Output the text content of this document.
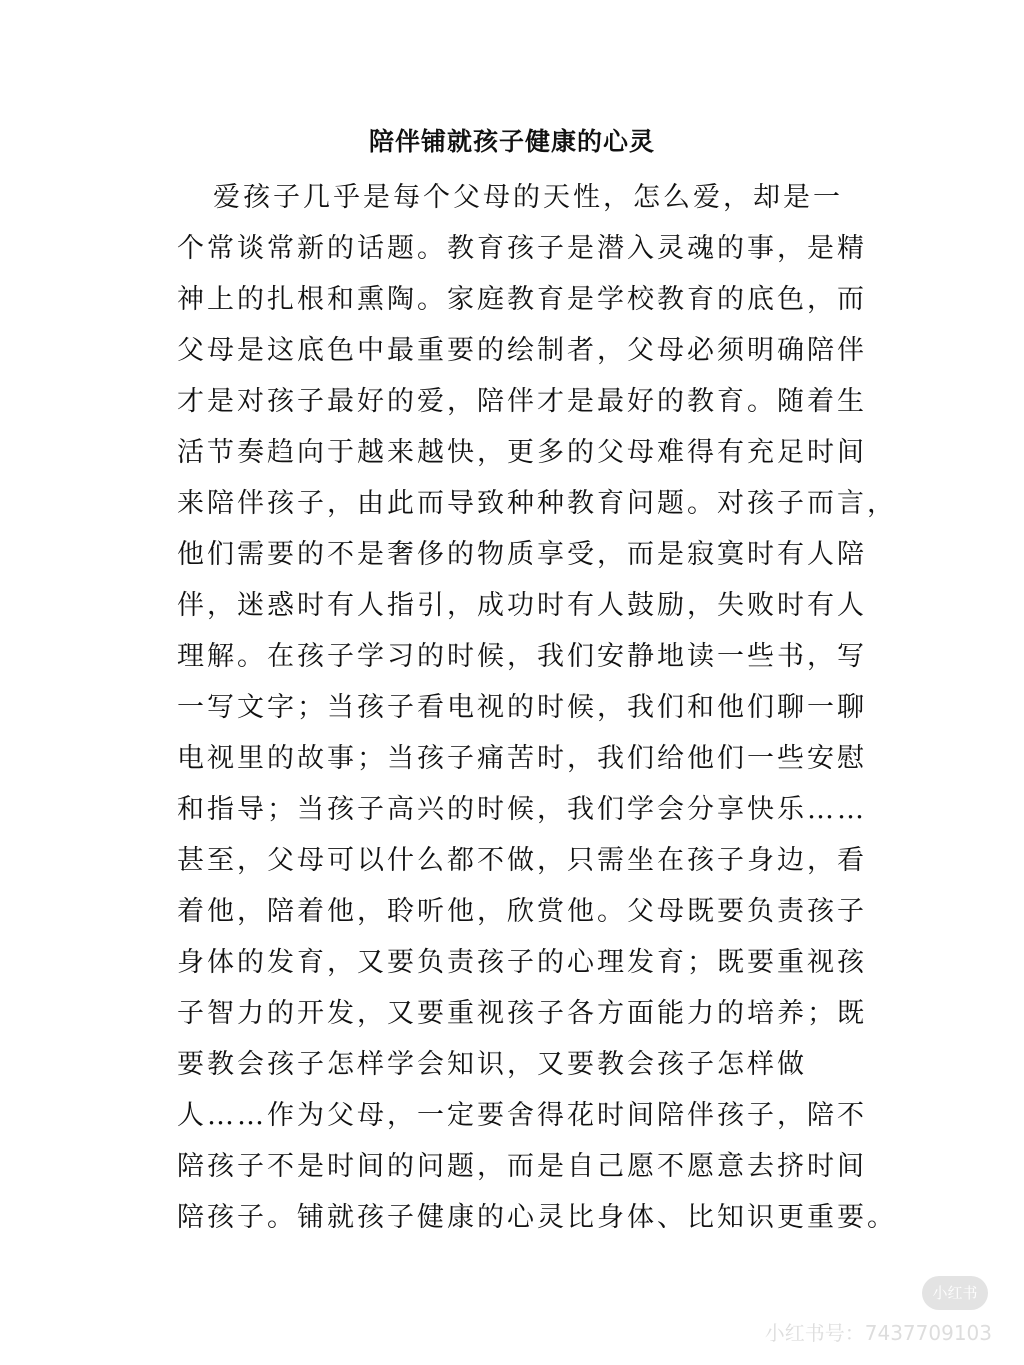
陪伴铺就孩子健康的心灵
爱孩子几乎是每个父母的天性，怎么爱，却是一
个常谈常新的话题。教育孩子是潜入灵魂的事，是精
神上的扎根和熏陶。家庭教育是学校教育的底色，而
父母是这底色中最重要的绘制者，父母必须明确陪伴
才是对孩子最好的爱，陪伴才是最好的教育。随着生
活节奏趋向于越来越快，更多的父母难得有充足时间
来陪伴孩子，由此而导致种种教育问题。对孩子而言，
他们需要的不是奢侈的物质享受，而是寂寞时有人陪
伴，迷惑时有人指引，成功时有人鼓励，失败时有人
理解。在孩子学习的时候，我们安静地读一些书，写
一写文字；当孩子看电视的时候，我们和他们聊一聊
电视里的故事；当孩子痛苦时，我们给他们一些安慰
和指导；当孩子高兴的时候，我们学会分享快乐……
甚至，父母可以什么都不做，只需坐在孩子身边，看
着他，陪着他，聆听他，欣赏他。父母既要负责孩子
身体的发育，又要负责孩子的心理发育；既要重视孩
子智力的开发，又要重视孩子各方面能力的培养；既
要教会孩子怎样学会知识，又要教会孩子怎样做
人……作为父母，一定要舍得花时间陪伴孩子，陪不
陪孩子不是时间的问题，而是自己愿不愿意去挤时间
陪孩子。铺就孩子健康的心灵比身体、比知识更重要。
小红书
小红书号：7437709103
